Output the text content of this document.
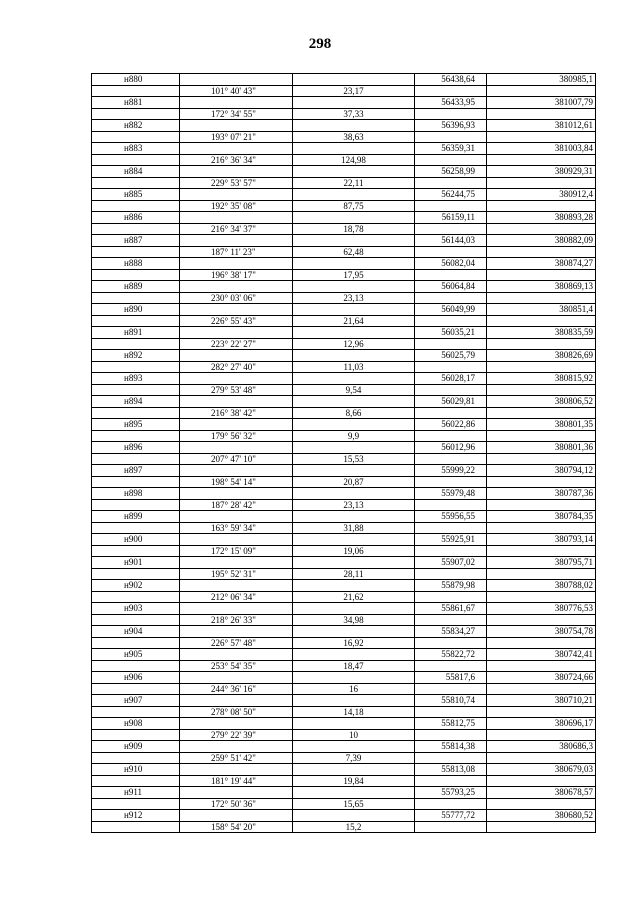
298
н880			56438,64	380985,1
	101° 40' 43"	23,17		
н881			56433,95	381007,79
	172° 34' 55"	37,33		
н882			56396,93	381012,61
	193° 07' 21"	38,63		
н883			56359,31	381003,84
	216° 36' 34"	124,98		
н884			56258,99	380929,31
	229° 53' 57"	22,11		
н885			56244,75	380912,4
	192° 35' 08"	87,75		
н886			56159,11	380893,28
	216° 34' 37"	18,78		
н887			56144,03	380882,09
	187° 11' 23"	62,48		
н888			56082,04	380874,27
	196° 38' 17"	17,95		
н889			56064,84	380869,13
	230° 03' 06"	23,13		
н890			56049,99	380851,4
	226° 55' 43"	21,64		
н891			56035,21	380835,59
	223° 22' 27"	12,96		
н892			56025,79	380826,69
	282° 27' 40"	11,03		
н893			56028,17	380815,92
	279° 53' 48"	9,54		
н894			56029,81	380806,52
	216° 38' 42"	8,66		
н895			56022,86	380801,35
	179° 56' 32"	9,9		
н896			56012,96	380801,36
	207° 47' 10"	15,53		
н897			55999,22	380794,12
	198° 54' 14"	20,87		
н898			55979,48	380787,36
	187° 28' 42"	23,13		
н899			55956,55	380784,35
	163° 59' 34"	31,88		
н900			55925,91	380793,14
	172° 15' 09"	19,06		
н901			55907,02	380795,71
	195° 52' 31"	28,11		
н902			55879,98	380788,02
	212° 06' 34"	21,62		
н903			55861,67	380776,53
	218° 26' 33"	34,98		
н904			55834,27	380754,78
	226° 57' 48"	16,92		
н905			55822,72	380742,41
	253° 54' 35"	18,47		
н906			55817,6	380724,66
	244° 36' 16"	16		
н907			55810,74	380710,21
	278° 08' 50"	14,18		
н908			55812,75	380696,17
	279° 22' 39"	10		
н909			55814,38	380686,3
	259° 51' 42"	7,39		
н910			55813,08	380679,03
	181° 19' 44"	19,84		
н911			55793,25	380678,57
	172° 50' 36"	15,65		
н912			55777,72	380680,52
	158° 54' 20"	15,2		
